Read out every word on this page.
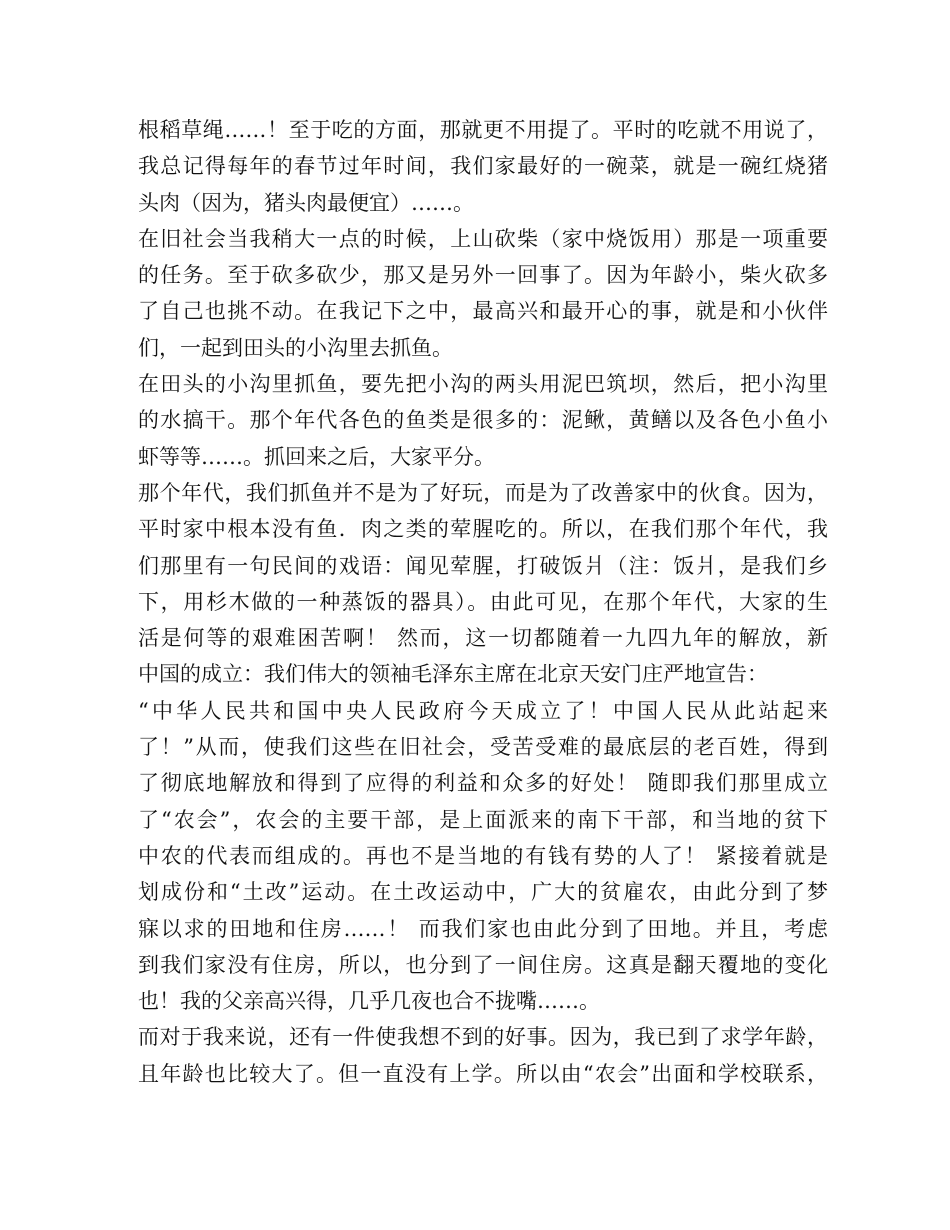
根稻草绳……！至于吃的方面，那就更不用提了。平时的吃就不用说了，
我总记得每年的春节过年时间，我们家最好的一碗菜，就是一碗红烧猪
头肉（因为，猪头肉最便宜）……。
在旧社会当我稍大一点的时候，上山砍柴（家中烧饭用）那是一项重要
的任务。至于砍多砍少，那又是另外一回事了。因为年龄小，柴火砍多
了自己也挑不动。在我记下之中，最高兴和最开心的事，就是和小伙伴
们，一起到田头的小沟里去抓鱼。
在田头的小沟里抓鱼，要先把小沟的两头用泥巴筑坝，然后，把小沟里
的水搞干。那个年代各色的鱼类是很多的：泥鳅，黄鳝以及各色小鱼小
虾等等……。抓回来之后，大家平分。
那个年代，我们抓鱼并不是为了好玩，而是为了改善家中的伙食。因为，
平时家中根本没有鱼．肉之类的荤腥吃的。所以，在我们那个年代，我
们那里有一句民间的戏语：闻见荤腥，打破饭爿（注：饭爿，是我们乡
下，用杉木做的一种蒸饭的器具）。由此可见，在那个年代，大家的生
活是何等的艰难困苦啊！ 然而，这一切都随着一九四九年的解放，新
中国的成立：我们伟大的领袖毛泽东主席在北京天安门庄严地宣告：
“中华人民共和国中央人民政府今天成立了！中国人民从此站起来
了！”从而，使我们这些在旧社会，受苦受难的最底层的老百姓，得到
了彻底地解放和得到了应得的利益和众多的好处！ 随即我们那里成立
了“农会”，农会的主要干部，是上面派来的南下干部，和当地的贫下
中农的代表而组成的。再也不是当地的有钱有势的人了！ 紧接着就是
划成份和“土改”运动。在土改运动中，广大的贫雇农，由此分到了梦
寐以求的田地和住房……！ 而我们家也由此分到了田地。并且，考虑
到我们家没有住房，所以，也分到了一间住房。这真是翻天覆地的变化
也！我的父亲高兴得，几乎几夜也合不拢嘴……。
而对于我来说，还有一件使我想不到的好事。因为，我已到了求学年龄，
且年龄也比较大了。但一直没有上学。所以由“农会”出面和学校联系，
